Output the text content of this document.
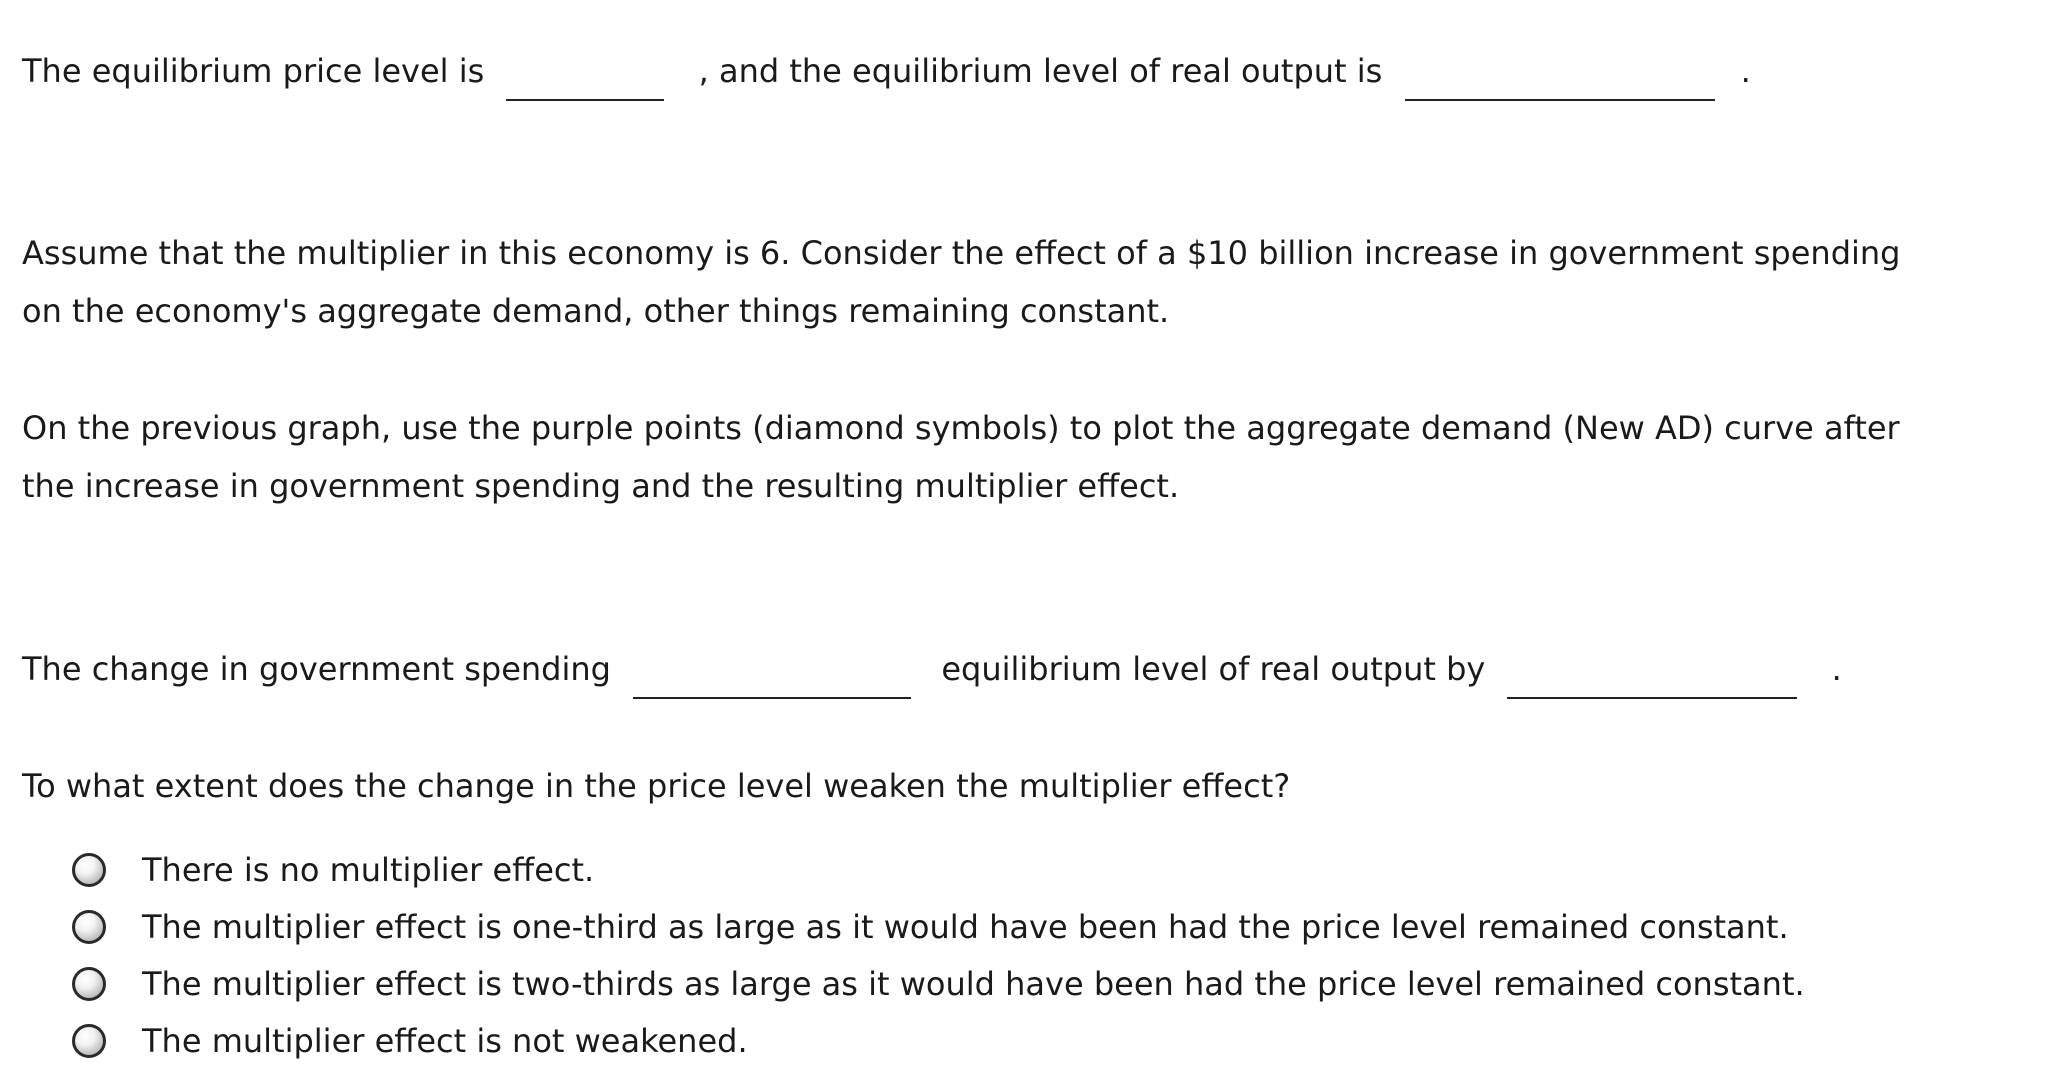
The equilibrium price level is	, and the equilibrium level of real output is	.
Assume that the multiplier in this economy is 6. Consider the effect of a $10 billion increase in government spending
on the economy's aggregate demand, other things remaining constant.
On the previous graph, use the purple points (diamond symbols) to plot the aggregate demand (New AD) curve after
the increase in government spending and the resulting multiplier effect.
The change in government spending	equilibrium level of real output by	.
To what extent does the change in the price level weaken the multiplier effect?
There is no multiplier effect.
The multiplier effect is one-third as large as it would have been had the price level remained constant.
The multiplier effect is two-thirds as large as it would have been had the price level remained constant.
The multiplier effect is not weakened.
